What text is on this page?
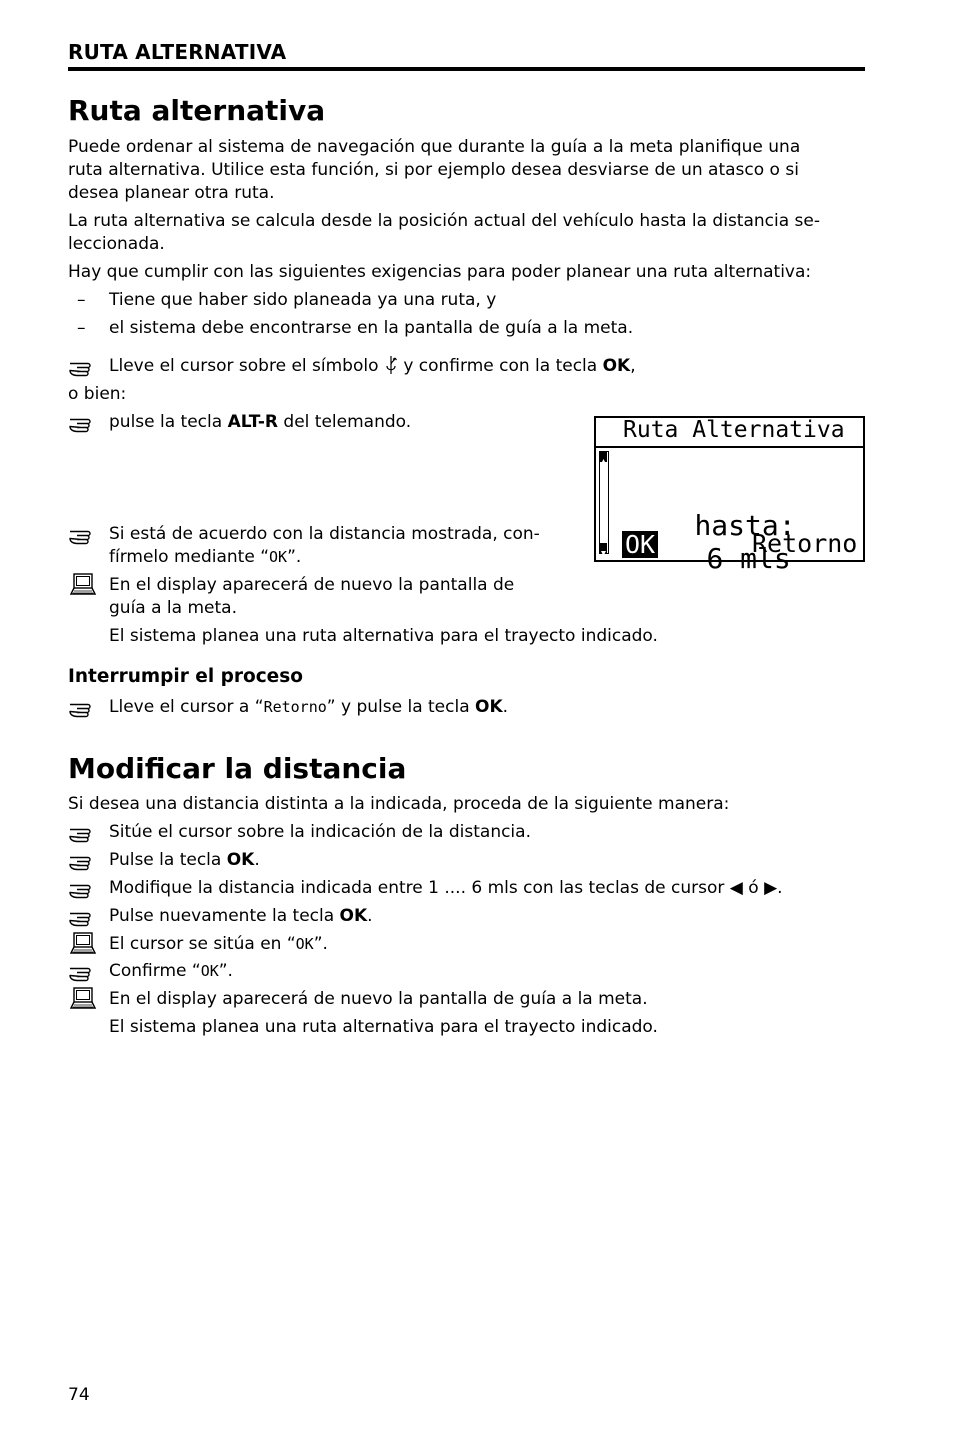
RUTA ALTERNATIVA
Ruta alternativa
Puede ordenar al sistema de navegación que durante la guía a la meta planifique una
ruta alternativa. Utilice esta función, si por ejemplo desea desviarse de un atasco o si
desea planear otra ruta.
La ruta alternativa se calcula desde la posición actual del vehículo hasta la distancia se-
leccionada.
Hay que cumplir con las siguientes exigencias para poder planear una ruta alternativa:
– Tiene que haber sido planeada ya una ruta, y
– el sistema debe encontrarse en la pantalla de guía a la meta.
Lleve el cursor sobre el símbolo y confirme con la tecla OK,
o bien:
pulse la tecla ALT-R del telemando.	Ruta Alternativa

hasta:
6 mls

OK	Retorno
Si está de acuerdo con la distancia mostrada, con-
fírmelo mediante “OK”.
En el display aparecerá de nuevo la pantalla de
guía a la meta.
El sistema planea una ruta alternativa para el trayecto indicado.
Interrumpir el proceso
Lleve el cursor a “Retorno” y pulse la tecla OK.
Modificar la distancia
Si desea una distancia distinta a la indicada, proceda de la siguiente manera:
Sitúe el cursor sobre la indicación de la distancia.
Pulse la tecla OK.
Modifique la distancia indicada entre 1 .... 6 mls con las teclas de cursor ◀ ó ▶.
Pulse nuevamente la tecla OK.
El cursor se sitúa en “OK”.
Confirme “OK”.
En el display aparecerá de nuevo la pantalla de guía a la meta.
El sistema planea una ruta alternativa para el trayecto indicado.
74
